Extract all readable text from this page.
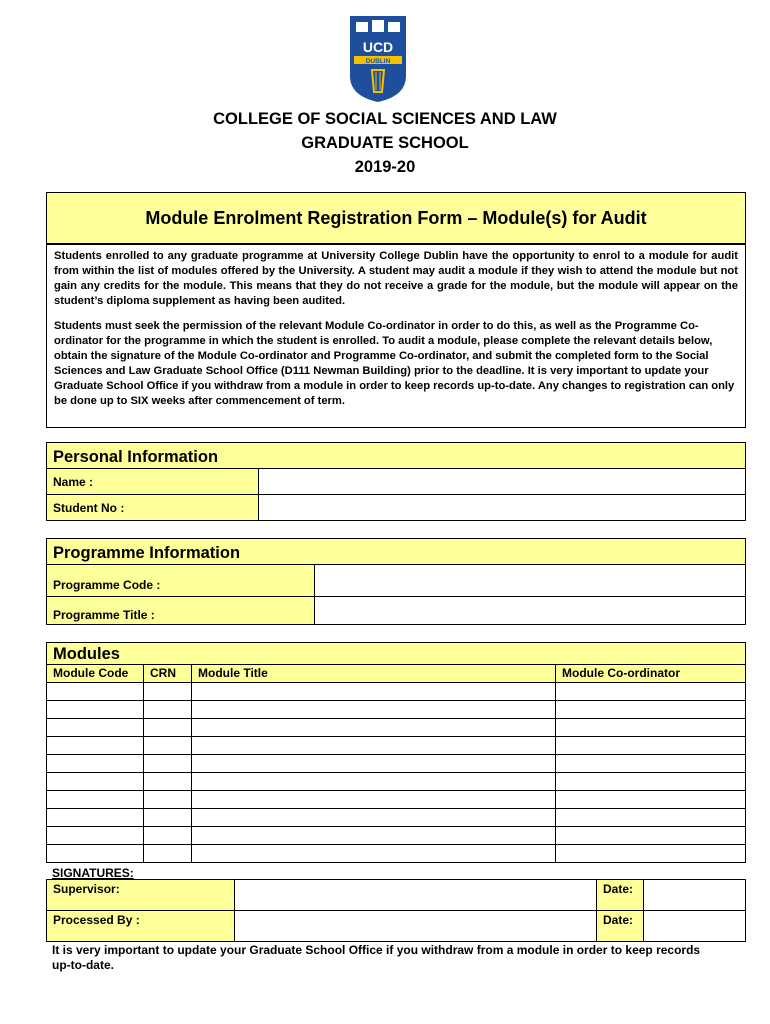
UCD
DUBLIN
COLLEGE OF SOCIAL SCIENCES AND LAW
GRADUATE SCHOOL
2019-20
Module Enrolment Registration Form – Module(s) for Audit

Students enrolled to any graduate programme at University College Dublin have the opportunity to enrol to a module for audit from within the list of modules offered by the University. A student may audit a module if they wish to attend the module but not gain any credits for the module. This means that they do not receive a grade for the module, but the module will appear on the student’s diploma supplement as having been audited.

Students must seek the permission of the relevant Module Co-ordinator in order to do this, as well as the Programme Co-ordinator for the programme in which the student is enrolled. To audit a module, please complete the relevant details below, obtain the signature of the Module Co-ordinator and Programme Co-ordinator, and submit the completed form to the Social Sciences and Law Graduate School Office (D111 Newman Building) prior to the deadline. It is very important to update your Graduate School Office if you withdraw from a module in order to keep records up-to-date. Any changes to registration can only be done up to SIX weeks after commencement of term.

Personal Information	
Name :	
Student No :	
Programme Information	
Programme Code :	
Programme Title :	
Modules			
Module Code	CRN	Module Title	Module Co-ordinator

SIGNATURES:
Supervisor:		Date:	
Processed By :		Date:	
It is very important to update your Graduate School Office if you withdraw from a module in order to keep records up-to-date.
